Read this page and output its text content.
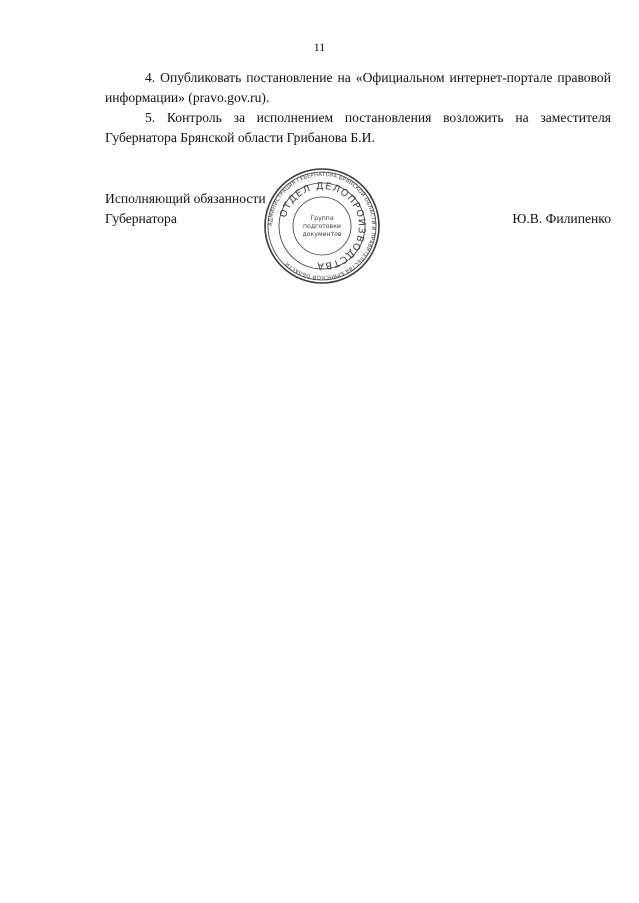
11
4. Опубликовать постановление на «Официальном интернет-портале правовой информации» (pravo.gov.ru).
5. Контроль за исполнением постановления возложить на заместителя Губернатора Брянской области Грибанова Б.И.
Исполняющий обязанности
Губернатора	Ю.В. Филипенко
АДМИНИСТРАЦИЯ ГУБЕРНАТОРА БРЯНСКОЙ ОБЛАСТИ И ПРАВИТЕЛЬСТВА БРЯНСКОЙ ОБЛАСТИ
ОТДЕЛ ДЕЛОПРОИЗВОДСТВА
Группа
подготовки
документов
